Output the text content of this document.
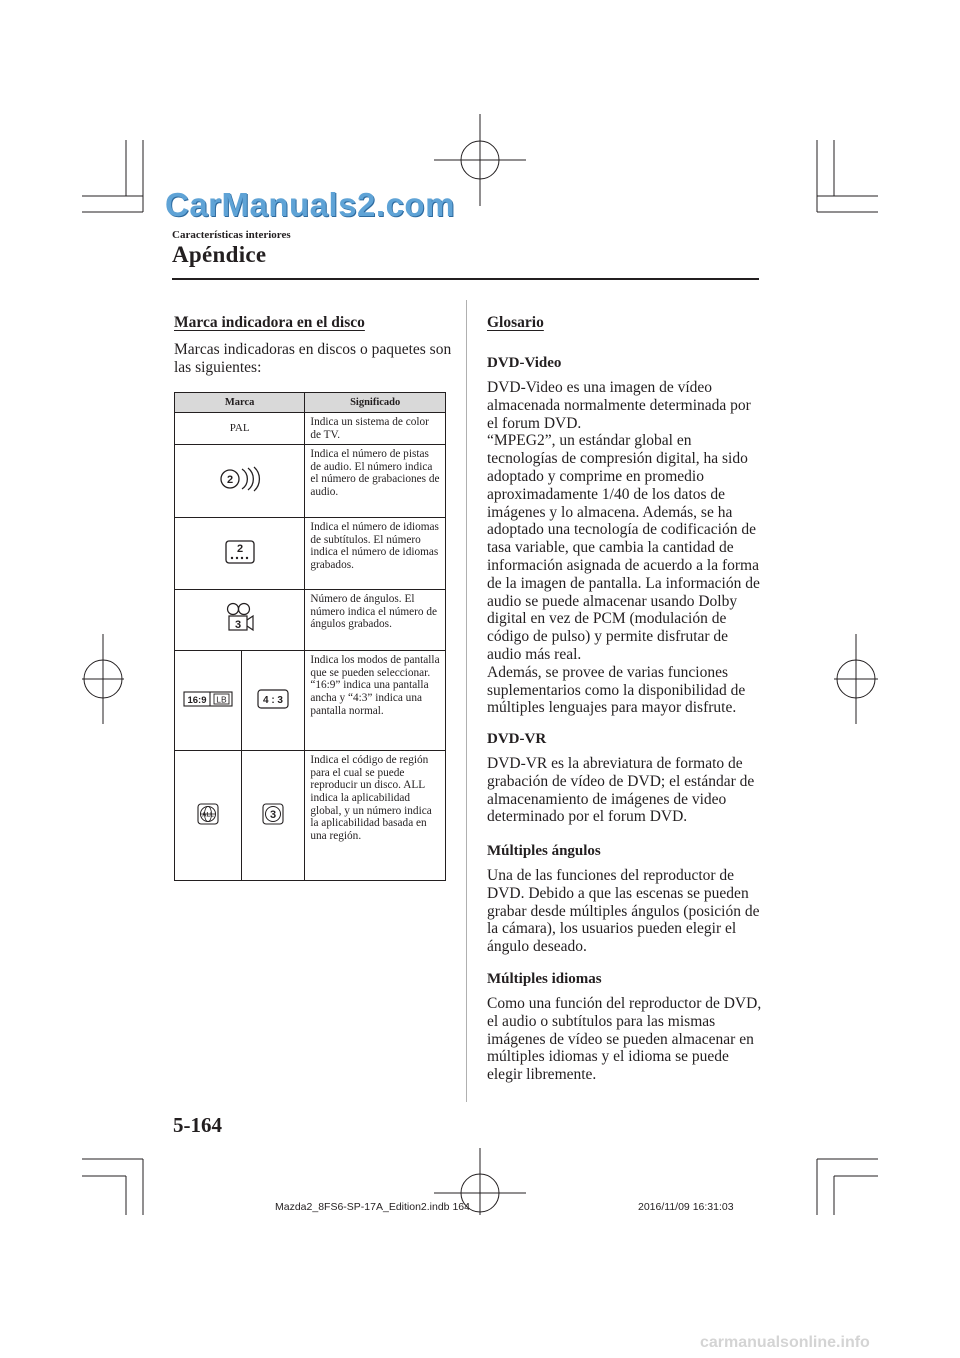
CarManuals2.com
Características interiores
Apéndice
Marca indicadora en el disco
Marcas indicadoras en discos o paquetes son las siguientes:
Marca		Significado
PAL		Indica un sistema de color de TV.

2		Indica el número de pistas de audio. El número indica el número de grabaciones de audio.

2		Indica el número de idiomas de subtítulos. El número indica el número de idiomas grabados.

3		Número de ángulos. El número indica el número de ángulos grabados.

16:9 LB	4 : 3	Indica los modos de pantalla que se pueden seleccionar. “16:9” indica una pantalla ancha y “4:3” indica una pantalla normal.

ALL	3	Indica el código de región para el cual se puede reproducir un disco. ALL indica la aplicabilidad global, y un número indica la aplicabilidad basada en una región.
Glosario
DVD-Video
DVD-Video es una imagen de vídeo almacenada normalmente determinada por el forum DVD.
“MPEG2”, un estándar global en tecnologías de compresión digital, ha sido adoptado y comprime en promedio aproximadamente 1/40 de los datos de imágenes y lo almacena. Además, se ha adoptado una tecnología de codificación de tasa variable, que cambia la cantidad de información asignada de acuerdo a la forma de la imagen de pantalla. La información de audio se puede almacenar usando Dolby digital en vez de PCM (modulación de código de pulso) y permite disfrutar de audio más real.
Además, se provee de varias funciones suplementarios como la disponibilidad de múltiples lenguajes para mayor disfrute.
DVD-VR
DVD-VR es la abreviatura de formato de grabación de vídeo de DVD; el estándar de almacenamiento de imágenes de video determinado por el forum DVD.
Múltiples ángulos
Una de las funciones del reproductor de DVD. Debido a que las escenas se pueden grabar desde múltiples ángulos (posición de la cámara), los usuarios pueden elegir el ángulo deseado.
Múltiples idiomas
Como una función del reproductor de DVD, el audio o subtítulos para las mismas imágenes de vídeo se pueden almacenar en múltiples idiomas y el idioma se puede elegir libremente.
5-164
Mazda2_8FS6-SP-17A_Edition2.indb 164	2016/11/09 16:31:03
carmanualsonline.info
